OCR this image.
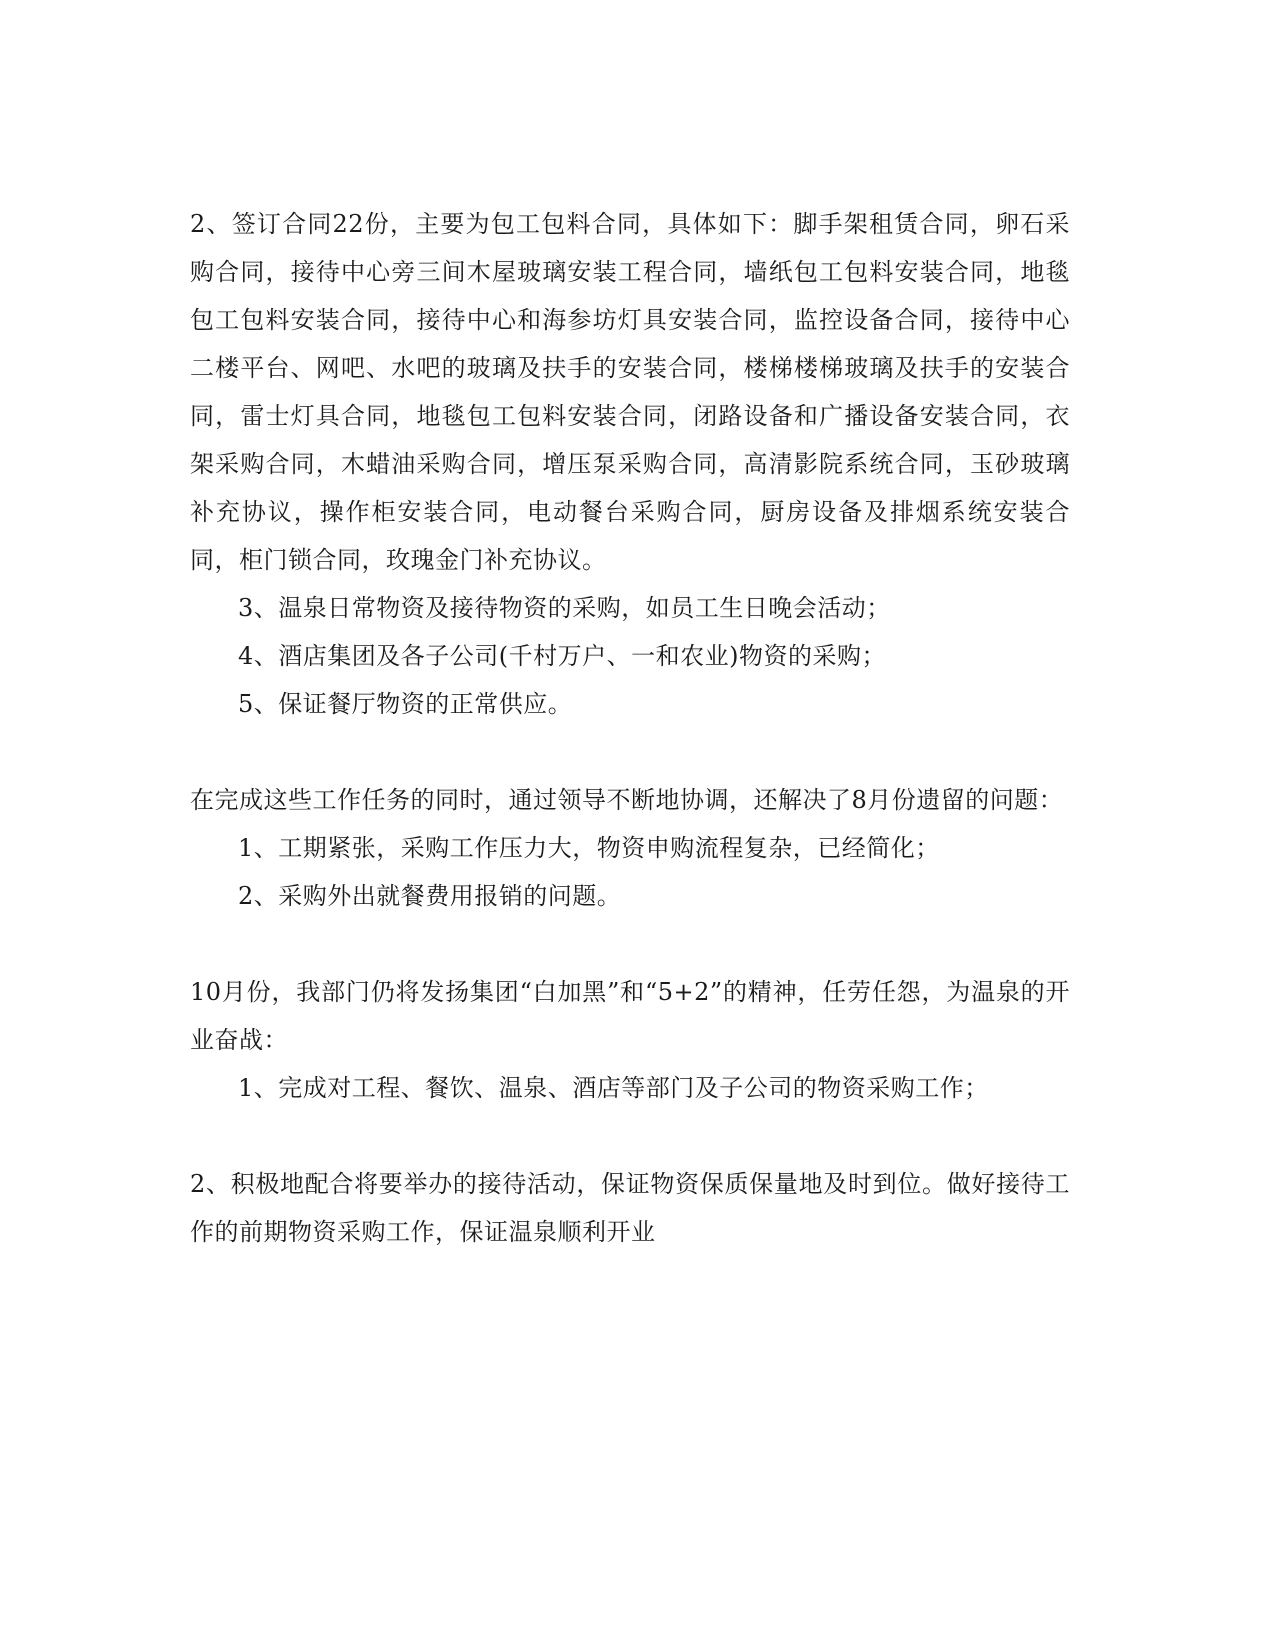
2、签订合同22份，主要为包工包料合同，具体如下：脚手架租赁合同，卵石采购合同，接待中心旁三间木屋玻璃安装工程合同，墙纸包工包料安装合同，地毯包工包料安装合同，接待中心和海参坊灯具安装合同，监控设备合同，接待中心二楼平台、网吧、水吧的玻璃及扶手的安装合同，楼梯楼梯玻璃及扶手的安装合同，雷士灯具合同，地毯包工包料安装合同，闭路设备和广播设备安装合同，衣架采购合同，木蜡油采购合同，增压泵采购合同，高清影院系统合同，玉砂玻璃补充协议，操作柜安装合同，电动餐台采购合同，厨房设备及排烟系统安装合同，柜门锁合同，玫瑰金门补充协议。

3、温泉日常物资及接待物资的采购，如员工生日晚会活动；

4、酒店集团及各子公司(千村万户、一和农业)物资的采购；

5、保证餐厅物资的正常供应。

在完成这些工作任务的同时，通过领导不断地协调，还解决了8月份遗留的问题：

1、工期紧张，采购工作压力大，物资申购流程复杂，已经简化；

2、采购外出就餐费用报销的问题。

10月份，我部门仍将发扬集团“白加黑”和“5+2”的精神，任劳任怨，为温泉的开业奋战：

1、完成对工程、餐饮、温泉、酒店等部门及子公司的物资采购工作；

2、积极地配合将要举办的接待活动，保证物资保质保量地及时到位。做好接待工作的前期物资采购工作，保证温泉顺利开业
